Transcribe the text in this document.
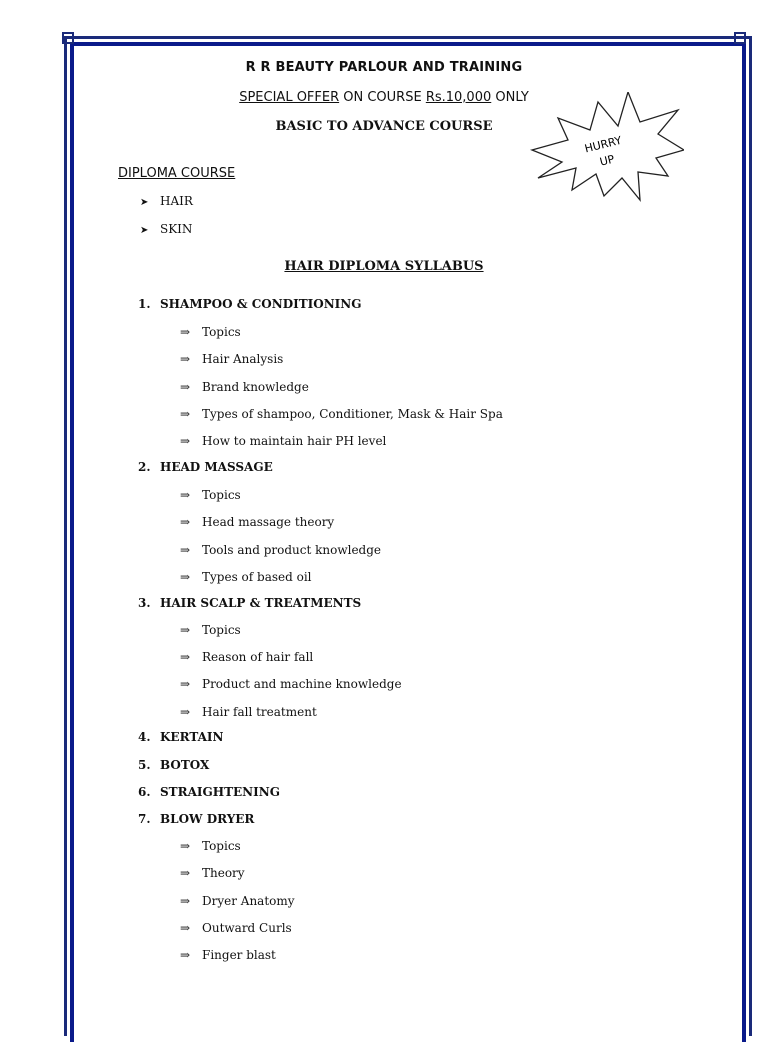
R R BEAUTY PARLOUR AND TRAINING
SPECIAL OFFER ON COURSE Rs.10,000 ONLY
BASIC TO ADVANCE COURSE
HURRY
UP
DIPLOMA COURSE
➤ HAIR
➤ SKIN
HAIR DIPLOMA SYLLABUS
1. SHAMPOO & CONDITIONING
⇒ Topics
⇒ Hair Analysis
⇒ Brand knowledge
⇒ Types of shampoo, Conditioner, Mask & Hair Spa
⇒ How to maintain hair PH level
2. HEAD MASSAGE
⇒ Topics
⇒ Head massage theory
⇒ Tools and product knowledge
⇒ Types of based oil
3. HAIR SCALP & TREATMENTS
⇒ Topics
⇒ Reason of hair fall
⇒ Product and machine knowledge
⇒ Hair fall treatment
4. KERTAIN
5. BOTOX
6. STRAIGHTENING
7. BLOW DRYER
⇒ Topics
⇒ Theory
⇒ Dryer Anatomy
⇒ Outward Curls
⇒ Finger blast
